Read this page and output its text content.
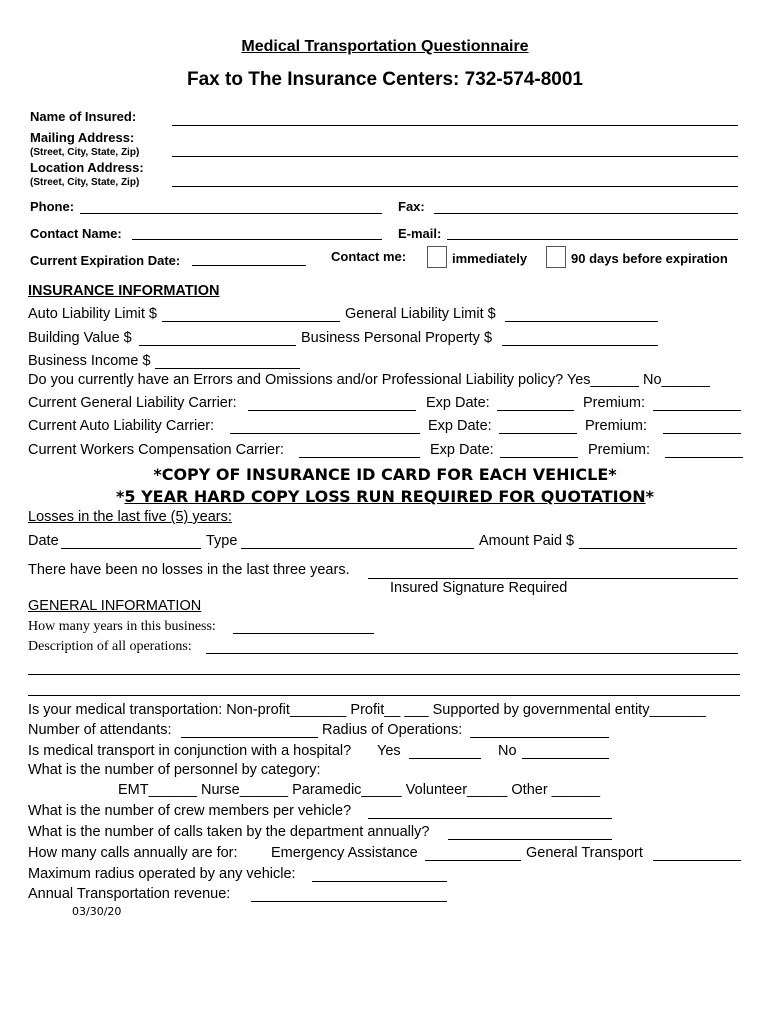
Medical Transportation Questionnaire
Fax to The Insurance Centers: 732-574-8001
Name of Insured:
Mailing Address:
(Street, City, State, Zip)
Location Address:
(Street, City, State, Zip)
Phone:	Fax:
Contact Name:	E-mail:
Current Expiration Date:	Contact me:	immediately	90 days before expiration
INSURANCE INFORMATION
Auto Liability Limit $	General Liability Limit $
Building Value $	Business Personal Property $
Business Income $
Do you currently have an Errors and Omissions and/or Professional Liability policy? Yes______ No______
Current General Liability Carrier:	Exp Date:	Premium:
Current Auto Liability Carrier:	Exp Date:	Premium:
Current Workers Compensation Carrier:	Exp Date:	Premium:
*COPY OF INSURANCE ID CARD FOR EACH VEHICLE*
*5 YEAR HARD COPY LOSS RUN REQUIRED FOR QUOTATION*
Losses in the last five (5) years:
Date	Type	Amount Paid $
There have been no losses in the last three years.
Insured Signature Required
GENERAL INFORMATION
How many years in this business:
Description of all operations:
Is your medical transportation: Non-profit_______ Profit__ ___ Supported by governmental entity_______
Number of attendants:	Radius of Operations:
Is medical transport in conjunction with a hospital? Yes	No
What is the number of personnel by category:
EMT______ Nurse______ Paramedic_____ Volunteer_____ Other ______
What is the number of crew members per vehicle?
What is the number of calls taken by the department annually?
How many calls annually are for: Emergency Assistance	General Transport
Maximum radius operated by any vehicle:
Annual Transportation revenue:
03/30/20
